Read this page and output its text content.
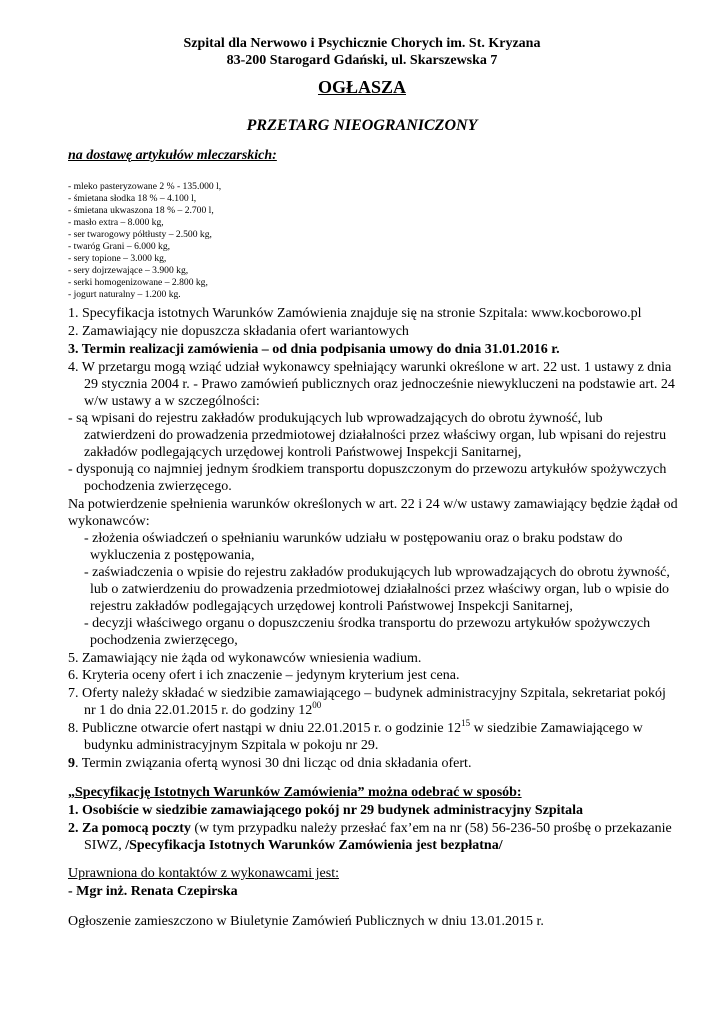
Szpital dla Nerwowo i Psychicznie Chorych im. St. Kryzana
83-200 Starogard Gdański, ul. Skarszewska 7
OGŁASZA
PRZETARG NIEOGRANICZONY
na dostawę artykułów mleczarskich:
- mleko pasteryzowane 2 % - 135.000 l,
- śmietana słodka 18 % – 4.100 l,
- śmietana ukwaszona 18 % – 2.700 l,
- masło extra – 8.000 kg,
- ser twarogowy półtłusty – 2.500 kg,
- twaróg Grani – 6.000 kg,
- sery topione – 3.000 kg,
- sery dojrzewające – 3.900 kg,
- serki homogenizowane – 2.800 kg,
- jogurt naturalny – 1.200 kg.
1. Specyfikacja istotnych Warunków Zamówienia znajduje się na stronie Szpitala: www.kocborowo.pl
2. Zamawiający nie dopuszcza składania ofert wariantowych
3. Termin realizacji zamówienia – od dnia podpisania umowy do dnia 31.01.2016 r.
4. W przetargu mogą wziąć udział wykonawcy spełniający warunki określone w art. 22 ust. 1 ustawy z dnia
29 stycznia 2004 r. - Prawo zamówień publicznych oraz jednocześnie niewykluczeni na podstawie art. 24
w/w ustawy a w szczególności:
- są wpisani do rejestru zakładów produkujących lub wprowadzających do obrotu żywność, lub
zatwierdzeni do prowadzenia przedmiotowej działalności przez właściwy organ, lub wpisani do rejestru
zakładów podlegających urzędowej kontroli Państwowej Inspekcji Sanitarnej,
- dysponują co najmniej jednym środkiem transportu dopuszczonym do przewozu artykułów spożywczych
pochodzenia zwierzęcego.
Na potwierdzenie spełnienia warunków określonych w art. 22 i 24 w/w ustawy zamawiający będzie żądał od
wykonawców:
- złożenia oświadczeń o spełnianiu warunków udziału w postępowaniu oraz o braku podstaw do
wykluczenia z postępowania,
- zaświadczenia o wpisie do rejestru zakładów produkujących lub wprowadzających do obrotu żywność,
lub o zatwierdzeniu do prowadzenia przedmiotowej działalności przez właściwy organ, lub o wpisie do
rejestru zakładów podlegających urzędowej kontroli Państwowej Inspekcji Sanitarnej,
- decyzji właściwego organu o dopuszczeniu środka transportu do przewozu artykułów spożywczych
pochodzenia zwierzęcego,
5. Zamawiający nie żąda od wykonawców wniesienia wadium.
6. Kryteria oceny ofert i ich znaczenie – jedynym kryterium jest cena.
7. Oferty należy składać w siedzibie zamawiającego – budynek administracyjny Szpitala, sekretariat pokój
nr 1 do dnia 22.01.2015 r. do godziny $12^{00}$
8. Publiczne otwarcie ofert nastąpi w dniu 22.01.2015 r. o godzinie $12^{15}$ w siedzibie Zamawiającego w
budynku administracyjnym Szpitala w pokoju nr 29.
9. Termin związania ofertą wynosi 30 dni licząc od dnia składania ofert.
„Specyfikację Istotnych Warunków Zamówienia” można odebrać w sposób:
1. Osobiście w siedzibie zamawiającego pokój nr 29 budynek administracyjny Szpitala
2. Za pomocą poczty (w tym przypadku należy przesłać fax’em na nr (58) 56-236-50 prośbę o przekazanie
SIWZ, /Specyfikacja Istotnych Warunków Zamówienia jest bezpłatna/
Uprawniona do kontaktów z wykonawcami jest:
- Mgr inż. Renata Czepirska
Ogłoszenie zamieszczono w Biuletynie Zamówień Publicznych w dniu 13.01.2015 r.
